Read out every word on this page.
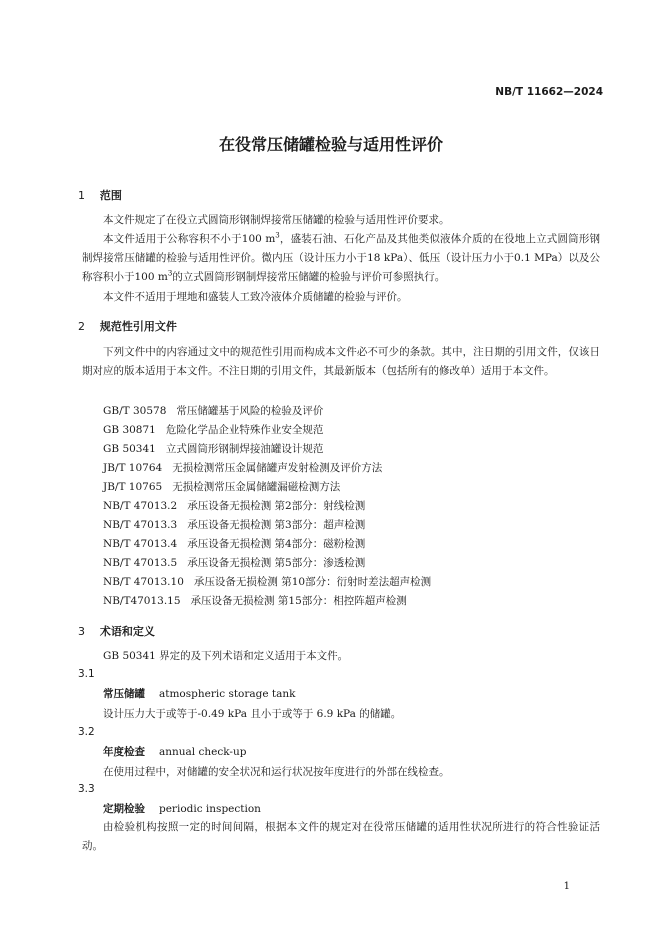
NB/T 11662—2024
在役常压储罐检验与适用性评价
1 范围

本文件规定了在役立式圆筒形钢制焊接常压储罐的检验与适用性评价要求。

本文件适用于公称容积不小于100 $m^3$，盛装石油、石化产品及其他类似液体介质的在役地上立式圆筒形钢制焊接常压储罐的检验与适用性评价。微内压（设计压力小于18 kPa）、低压（设计压力小于0.1 MPa）以及公称容积小于100 $m^3$的立式圆筒形钢制焊接常压储罐的检验与评价可参照执行。

本文件不适用于埋地和盛装人工致冷液体介质储罐的检验与评价。

2 规范性引用文件

下列文件中的内容通过文中的规范性引用而构成本文件必不可少的条款。其中，注日期的引用文件，仅该日期对应的版本适用于本文件。不注日期的引用文件，其最新版本（包括所有的修改单）适用于本文件。

GB/T 30578 常压储罐基于风险的检验及评价
GB 30871 危险化学品企业特殊作业安全规范
GB 50341 立式圆筒形钢制焊接油罐设计规范
JB/T 10764 无损检测常压金属储罐声发射检测及评价方法
JB/T 10765 无损检测常压金属储罐漏磁检测方法
NB/T 47013.2 承压设备无损检测 第2部分：射线检测
NB/T 47013.3 承压设备无损检测 第3部分：超声检测
NB/T 47013.4 承压设备无损检测 第4部分：磁粉检测
NB/T 47013.5 承压设备无损检测 第5部分：渗透检测
NB/T 47013.10 承压设备无损检测 第10部分：衍射时差法超声检测
NB/T47013.15 承压设备无损检测 第15部分：相控阵超声检测
3 术语和定义

GB 50341 界定的及下列术语和定义适用于本文件。

3.1
常压储罐 atmospheric storage tank
设计压力大于或等于-0.49 kPa 且小于或等于 6.9 kPa 的储罐。
3.2
年度检查 annual check-up
在使用过程中，对储罐的安全状况和运行状况按年度进行的外部在线检查。
3.3
定期检验 periodic inspection

由检验机构按照一定的时间间隔，根据本文件的规定对在役常压储罐的适用性状况所进行的符合性验证活动。

1
